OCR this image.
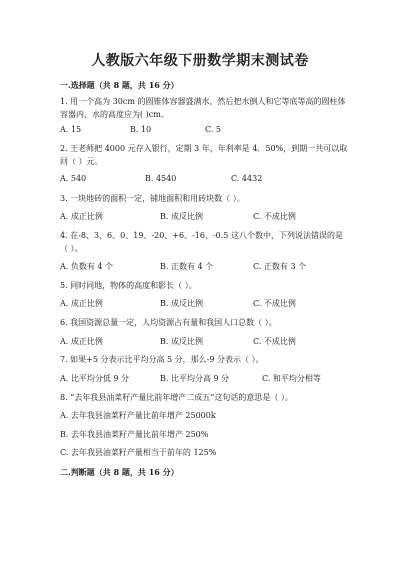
人教版六年级下册数学期末测试卷
一.选择题（共 8 题，共 16 分）
1. 用一个高为 30cm 的圆锥体容器盛满水，然后把水倒人和它等底等高的圆柱体
容器内，水的高度应为( )cm。
A. 15	B. 10	C. 5
2. 王老师把 4000 元存入银行，定期 3 年，年利率是 4．50%，到期一共可以取
回（ ）元。
A. 540	B. 4540	C. 4432
3. 一块地砖的面积一定，铺地面积和用砖块数（ ）。
A. 成正比例	B. 成反比例	C. 不成比例
4. 在-8、3、6、0、19、-20、+6、-16、-0.5 这八个数中，下列说法错误的是
（ ）。
A. 负数有 4 个	B. 正数有 4 个	C. 正数有 3 个
5. 同时同地，物体的高度和影长（ ）。
A. 成正比例	B. 成反比例	C. 不成比例
6. 我国资源总量一定，人均资源占有量和我国人口总数（ ）。
A. 成正比例	B. 成反比例	C. 不成比例
7. 如果+5 分表示比平均分高 5 分，那么-9 分表示（ ）。
A. 比平均分低 9 分	B. 比平均分高 9 分	C. 和平均分相等
8. “去年我县油菜籽产量比前年增产二成五”这句话的意思是（ ）。
A. 去年我县油菜籽产量比前年增产 25000k
B. 去年我县油菜籽产量比前年增产 250%
C. 去年我县油菜籽产量相当于前年的 125%
二.判断题（共 8 题，共 16 分）
